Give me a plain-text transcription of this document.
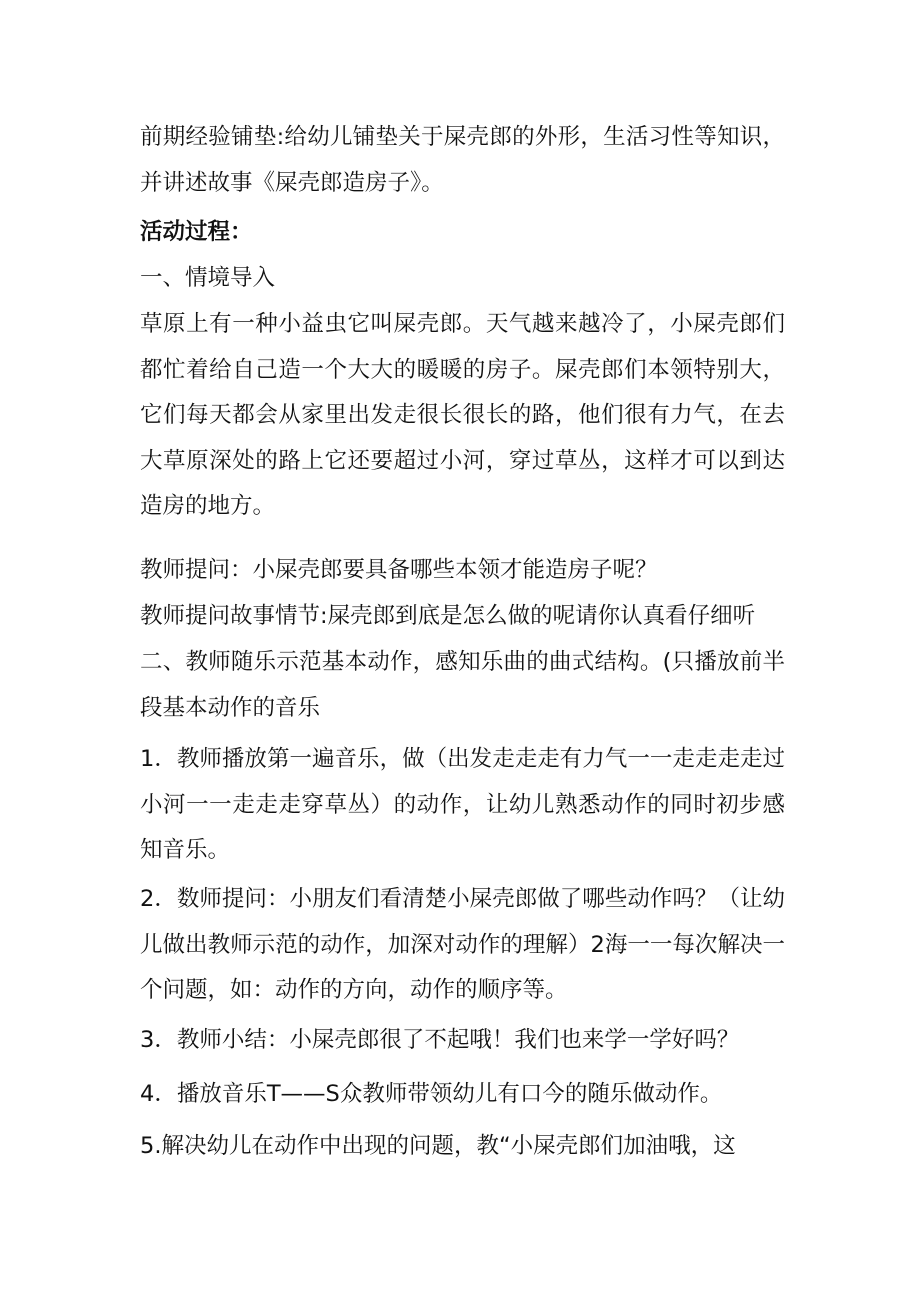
前期经验铺垫:给幼儿铺垫关于屎壳郎的外形，生活习性等知识，并讲述故事《屎壳郎造房子》。
活动过程：
一、情境导入
草原上有一种小益虫它叫屎壳郎。天气越来越冷了，小屎壳郎们都忙着给自己造一个大大的暖暖的房子。屎壳郎们本领特别大，它们每天都会从家里出发走很长很长的路，他们很有力气，在去大草原深处的路上它还要超过小河，穿过草丛，这样才可以到达造房的地方。
教师提问：小屎壳郎要具备哪些本领才能造房子呢？
教师提问故事情节:屎壳郎到底是怎么做的呢请你认真看仔细听
二、教师随乐示范基本动作，感知乐曲的曲式结构。(只播放前半段基本动作的音乐
1．教师播放第一遍音乐，做（出发走走走有力气一一走走走走过小河一一走走走穿草丛）的动作，让幼儿熟悉动作的同时初步感知音乐。
2．数师提问：小朋友们看清楚小屎壳郎做了哪些动作吗？（让幼儿做出教师示范的动作，加深对动作的理解）2海一一每次解决一个问题，如：动作的方向，动作的顺序等。
3．教师小结：小屎壳郎很了不起哦！我们也来学一学好吗？
4．播放音乐T——S众教师带领幼儿有口今的随乐做动作。
5.解决幼儿在动作中出现的问题，教“小屎壳郎们加油哦，这
